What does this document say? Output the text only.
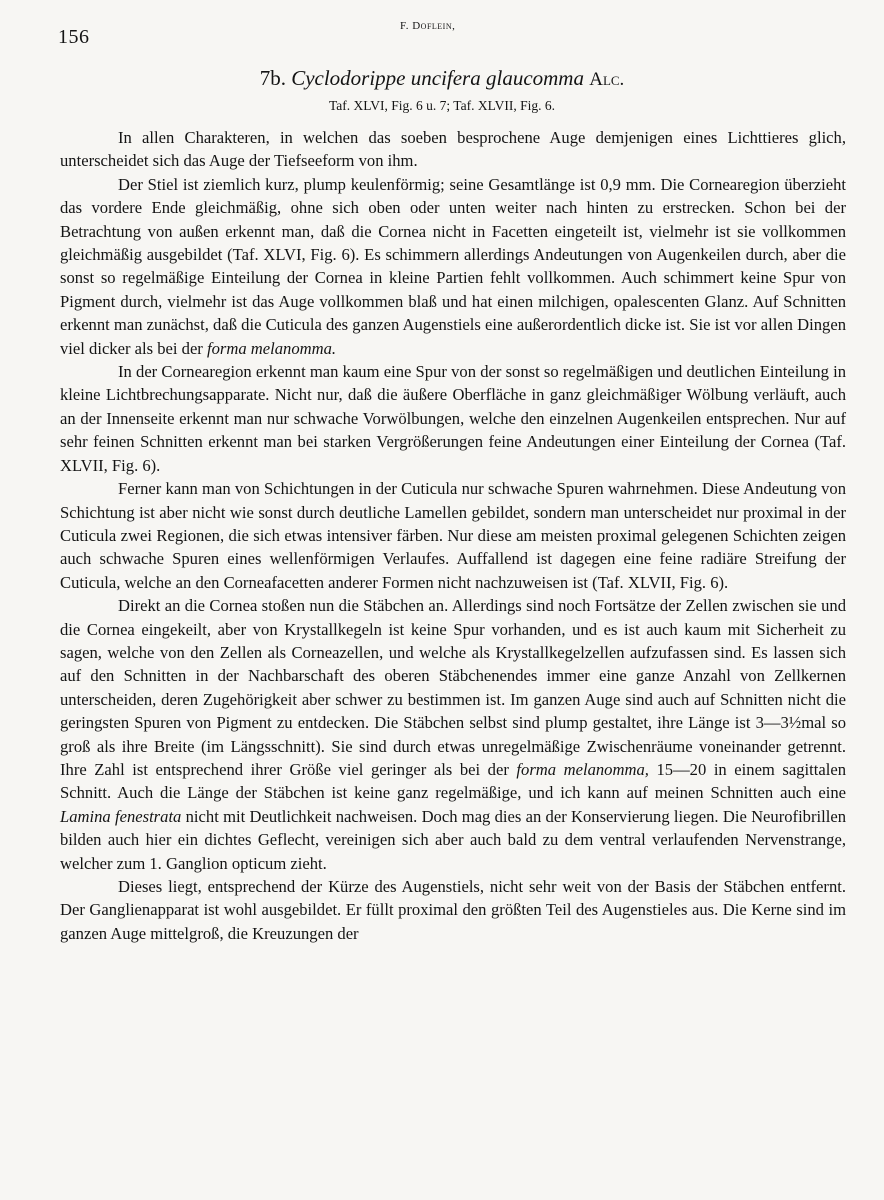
156	F. Doflein,
7b. Cyclodorippe uncifera glaucomma Alc.
Taf. XLVI, Fig. 6 u. 7; Taf. XLVII, Fig. 6.

In allen Charakteren, in welchen das soeben besprochene Auge demjenigen eines Lichttieres glich, unterscheidet sich das Auge der Tiefseeform von ihm.

Der Stiel ist ziemlich kurz, plump keulenförmig; seine Gesamtlänge ist 0,9 mm. Die Cornearegion überzieht das vordere Ende gleichmäßig, ohne sich oben oder unten weiter nach hinten zu erstrecken. Schon bei der Betrachtung von außen erkennt man, daß die Cornea nicht in Facetten eingeteilt ist, vielmehr ist sie vollkommen gleichmäßig ausgebildet (Taf. XLVI, Fig. 6). Es schimmern allerdings Andeutungen von Augenkeilen durch, aber die sonst so regelmäßige Einteilung der Cornea in kleine Partien fehlt vollkommen. Auch schimmert keine Spur von Pigment durch, vielmehr ist das Auge vollkommen blaß und hat einen milchigen, opalescenten Glanz. Auf Schnitten erkennt man zunächst, daß die Cuticula des ganzen Augenstiels eine außerordentlich dicke ist. Sie ist vor allen Dingen viel dicker als bei der forma melanomma.

In der Cornearegion erkennt man kaum eine Spur von der sonst so regelmäßigen und deutlichen Einteilung in kleine Lichtbrechungsapparate. Nicht nur, daß die äußere Oberfläche in ganz gleichmäßiger Wölbung verläuft, auch an der Innenseite erkennt man nur schwache Vorwölbungen, welche den einzelnen Augenkeilen entsprechen. Nur auf sehr feinen Schnitten erkennt man bei starken Vergrößerungen feine Andeutungen einer Einteilung der Cornea (Taf. XLVII, Fig. 6).

Ferner kann man von Schichtungen in der Cuticula nur schwache Spuren wahrnehmen. Diese Andeutung von Schichtung ist aber nicht wie sonst durch deutliche Lamellen gebildet, sondern man unterscheidet nur proximal in der Cuticula zwei Regionen, die sich etwas intensiver färben. Nur diese am meisten proximal gelegenen Schichten zeigen auch schwache Spuren eines wellenförmigen Verlaufes. Auffallend ist dagegen eine feine radiäre Streifung der Cuticula, welche an den Corneafacetten anderer Formen nicht nachzuweisen ist (Taf. XLVII, Fig. 6).

Direkt an die Cornea stoßen nun die Stäbchen an. Allerdings sind noch Fortsätze der Zellen zwischen sie und die Cornea eingekeilt, aber von Krystallkegeln ist keine Spur vorhanden, und es ist auch kaum mit Sicherheit zu sagen, welche von den Zellen als Corneazellen, und welche als Krystallkegelzellen aufzufassen sind. Es lassen sich auf den Schnitten in der Nachbarschaft des oberen Stäbchenendes immer eine ganze Anzahl von Zellkernen unterscheiden, deren Zugehörigkeit aber schwer zu bestimmen ist. Im ganzen Auge sind auch auf Schnitten nicht die geringsten Spuren von Pigment zu entdecken. Die Stäbchen selbst sind plump gestaltet, ihre Länge ist 3—3½mal so groß als ihre Breite (im Längsschnitt). Sie sind durch etwas unregelmäßige Zwischenräume voneinander getrennt. Ihre Zahl ist entsprechend ihrer Größe viel geringer als bei der forma melanomma, 15—20 in einem sagittalen Schnitt. Auch die Länge der Stäbchen ist keine ganz regelmäßige, und ich kann auf meinen Schnitten auch eine Lamina fenestrata nicht mit Deutlichkeit nachweisen. Doch mag dies an der Konservierung liegen. Die Neurofibrillen bilden auch hier ein dichtes Geflecht, vereinigen sich aber auch bald zu dem ventral verlaufenden Nervenstrange, welcher zum 1. Ganglion opticum zieht.

Dieses liegt, entsprechend der Kürze des Augenstiels, nicht sehr weit von der Basis der Stäbchen entfernt. Der Ganglienapparat ist wohl ausgebildet. Er füllt proximal den größten Teil des Augenstieles aus. Die Kerne sind im ganzen Auge mittelgroß, die Kreuzungen der
